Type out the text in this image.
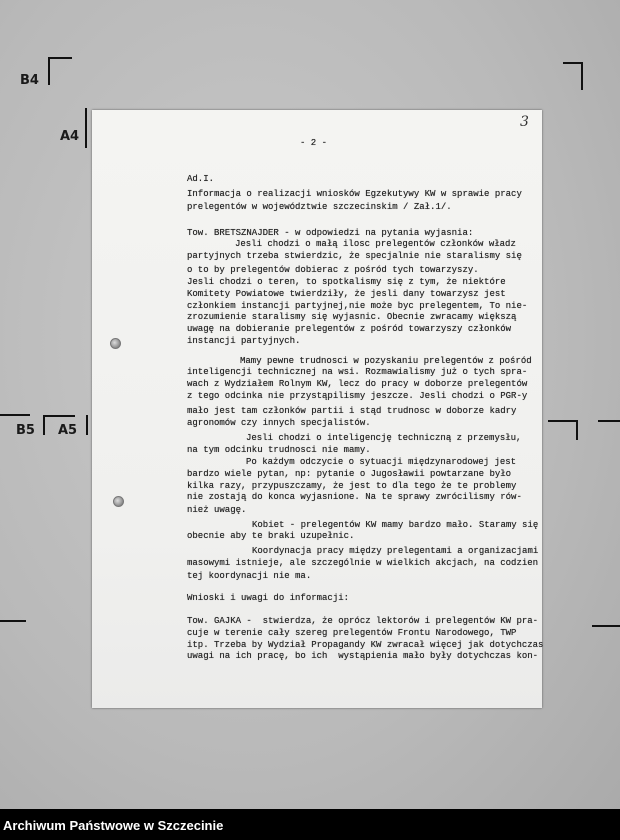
B4
A4
B5 A5
3
- 2 -
Ad.I.
Informacja o realizacji wniosków Egzekutywy KW w sprawie pracy
prelegentów w województwie szczecinskim / Zał.1/.
Tow. BRETSZNAJDER - w odpowiedzi na pytania wyjasnia:
Jesli chodzi o małą ilosc prelegentów członków władz
partyjnych trzeba stwierdzic, że specjalnie nie staralismy się
o to by prelegentów dobierac z pośród tych towarzyszy.
Jesli chodzi o teren, to spotkalismy się z tym, że niektóre
Komitety Powiatowe twierdziły, że jesli dany towarzysz jest
członkiem instancji partyjnej,nie może byc prelegentem, To nie-
zrozumienie staralismy się wyjasnic. Obecnie zwracamy większą
uwagę na dobieranie prelegentów z pośród towarzyszy członków
instancji partyjnych.
Mamy pewne trudnosci w pozyskaniu prelegentów z pośród
inteligencji technicznej na wsi. Rozmawialismy już o tych spra-
wach z Wydziałem Rolnym KW, lecz do pracy w doborze prelegentów
z tego odcinka nie przystąpilismy jeszcze. Jesli chodzi o PGR-y
mało jest tam członków partii i stąd trudnosc w doborze kadry
agronomów czy innych specjalistów.
Jesli chodzi o inteligencję techniczną z przemysłu,
na tym odcinku trudnosci nie mamy.
Po każdym odczycie o sytuacji międzynarodowej jest
bardzo wiele pytan, np: pytanie o Jugosławii powtarzane było
kilka razy, przypuszczamy, że jest to dla tego że te problemy
nie zostają do konca wyjasnione. Na te sprawy zwrócilismy rów-
nież uwagę.
Kobiet - prelegentów KW mamy bardzo mało. Staramy się
obecnie aby te braki uzupełnic.
Koordynacja pracy między prelegentami a organizacjami
masowymi istnieje, ale szczególnie w wielkich akcjach, na codzien
tej koordynacji nie ma.
Wnioski i uwagi do informacji:
Tow. GAJKA -  stwierdza, że oprócz lektorów i prelegentów KW pra-
cuje w terenie cały szereg prelegentów Frontu Narodowego, TWP
itp. Trzeba by Wydział Propagandy KW zwracał więcej jak dotychczas
uwagi na ich pracę, bo ich  wystąpienia mało były dotychczas kon-
Archiwum Państwowe w Szczecinie
